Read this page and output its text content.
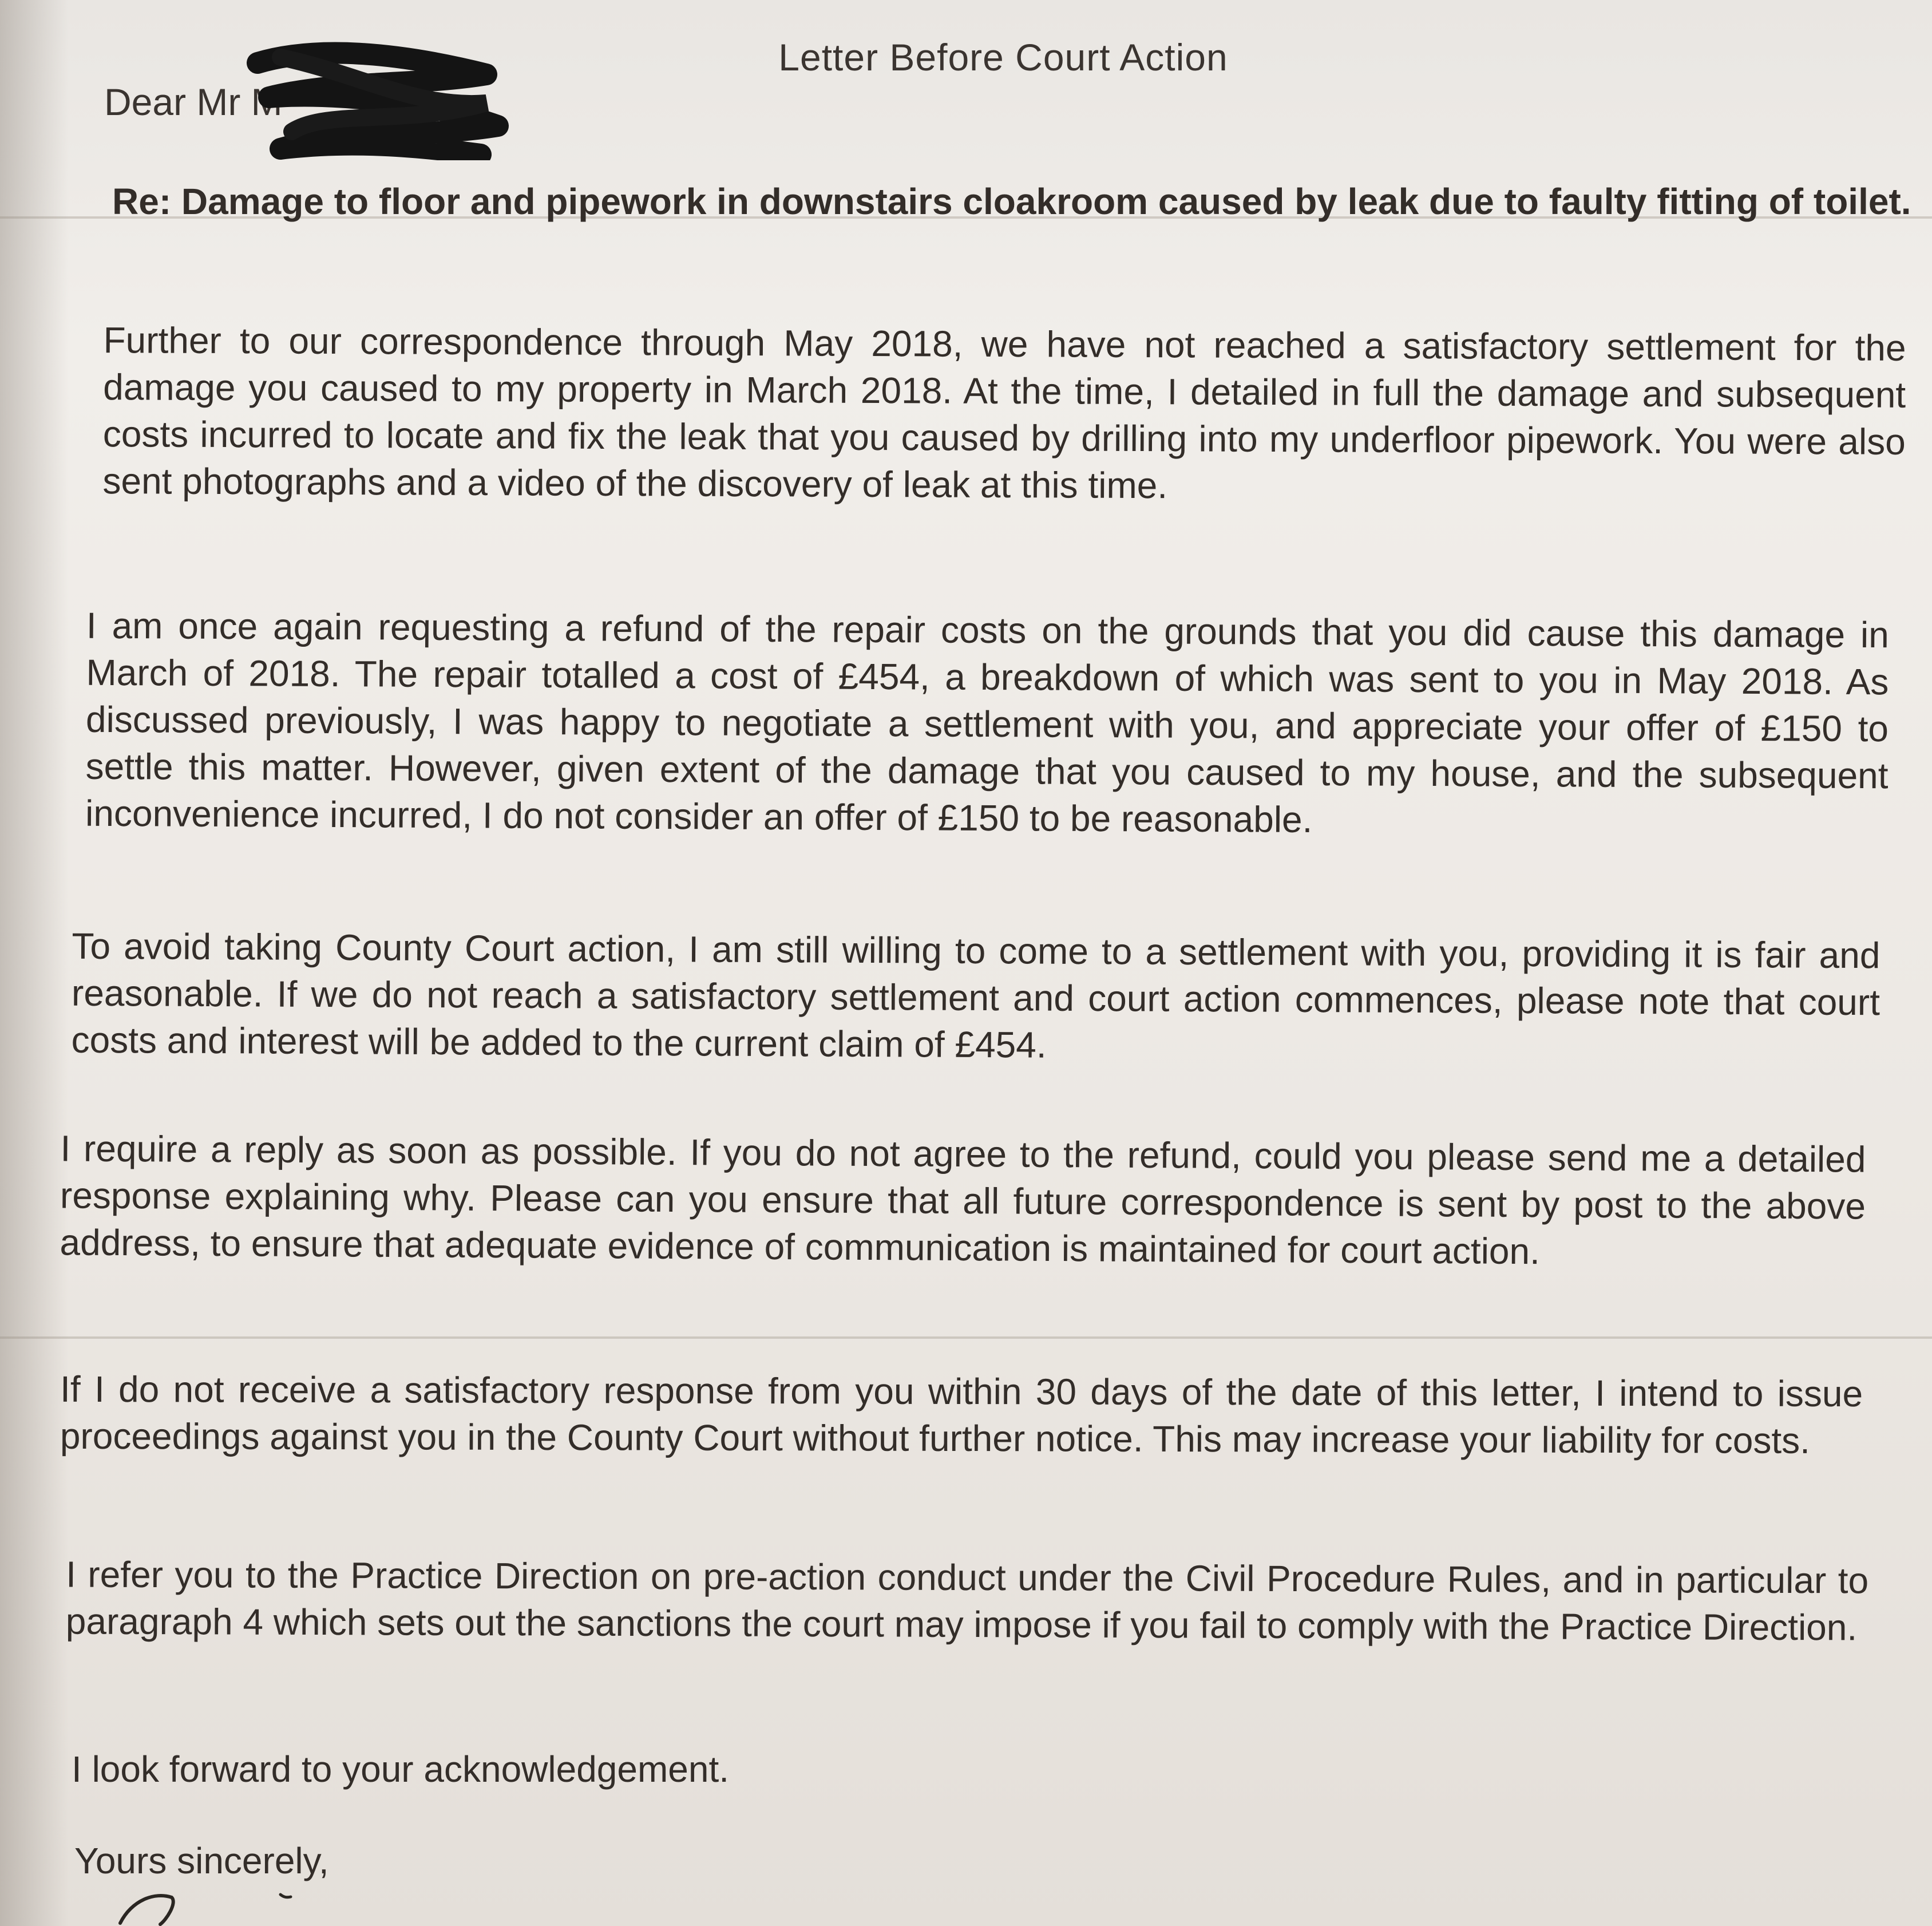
Letter Before Court Action
Dear Mr M

Re: Damage to floor and pipework in downstairs cloakroom caused by leak due to faulty fitting of toilet.

Further to our correspondence through May 2018, we have not reached a satisfactory settlement for the damage you caused to my property in March 2018. At the time, I detailed in full the damage and subsequent costs incurred to locate and fix the leak that you caused by drilling into my underfloor pipework. You were also sent photographs and a video of the discovery of leak at this time.

I am once again requesting a refund of the repair costs on the grounds that you did cause this damage in March of 2018. The repair totalled a cost of £454, a breakdown of which was sent to you in May 2018. As discussed previously, I was happy to negotiate a settlement with you, and appreciate your offer of £150 to settle this matter. However, given extent of the damage that you caused to my house, and the subsequent inconvenience incurred, I do not consider an offer of £150 to be reasonable.

To avoid taking County Court action, I am still willing to come to a settlement with you, providing it is fair and reasonable. If we do not reach a satisfactory settlement and court action commences, please note that court costs and interest will be added to the current claim of £454.

I require a reply as soon as possible. If you do not agree to the refund, could you please send me a detailed response explaining why. Please can you ensure that all future correspondence is sent by post to the above address, to ensure that adequate evidence of communication is maintained for court action.

If I do not receive a satisfactory response from you within 30 days of the date of this letter, I intend to issue proceedings against you in the County Court without further notice. This may increase your liability for costs.

I refer you to the Practice Direction on pre-action conduct under the Civil Procedure Rules, and in particular to paragraph 4 which sets out the sanctions the court may impose if you fail to comply with the Practice Direction.

I look forward to your acknowledgement.

Yours sincerely,
